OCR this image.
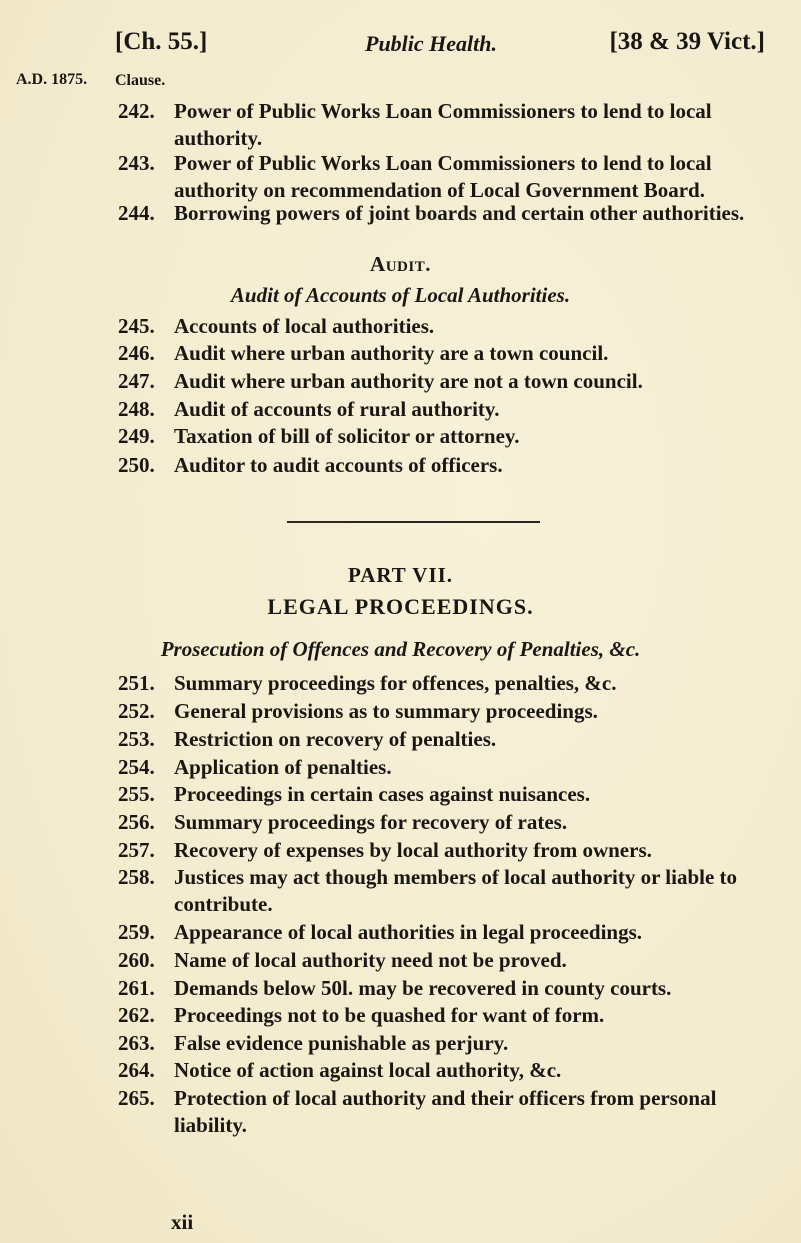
[Ch. 55.]	Public Health.	[38 & 39 Vict.]
A.D. 1875. Clause.
242. Power of Public Works Loan Commissioners to lend to local authority.
243. Power of Public Works Loan Commissioners to lend to local authority on recommendation of Local Government Board.
244. Borrowing powers of joint boards and certain other authorities.
Audit.
Audit of Accounts of Local Authorities.
245. Accounts of local authorities.
246. Audit where urban authority are a town council.
247. Audit where urban authority are not a town council.
248. Audit of accounts of rural authority.
249. Taxation of bill of solicitor or attorney.
250. Auditor to audit accounts of officers.
PART VII.
LEGAL PROCEEDINGS.
Prosecution of Offences and Recovery of Penalties, &c.
251. Summary proceedings for offences, penalties, &c.
252. General provisions as to summary proceedings.
253. Restriction on recovery of penalties.
254. Application of penalties.
255. Proceedings in certain cases against nuisances.
256. Summary proceedings for recovery of rates.
257. Recovery of expenses by local authority from owners.
258. Justices may act though members of local authority or liable to contribute.
259. Appearance of local authorities in legal proceedings.
260. Name of local authority need not be proved.
261. Demands below 50l. may be recovered in county courts.
262. Proceedings not to be quashed for want of form.
263. False evidence punishable as perjury.
264. Notice of action against local authority, &c.
265. Protection of local authority and their officers from personal liability.
xii
